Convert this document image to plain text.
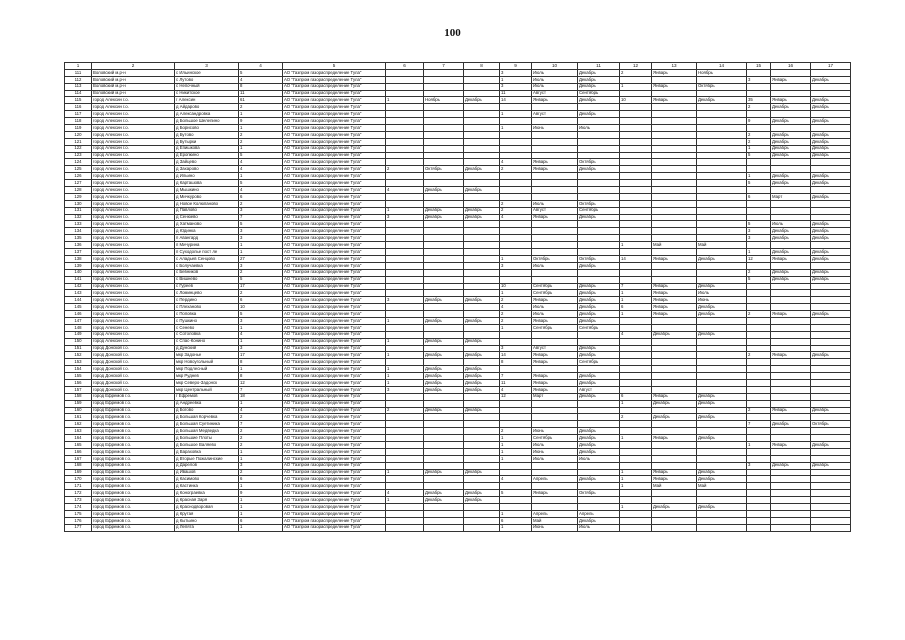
100
1	2	3	4	5	6	7	8	9	10	11	12	13	14	15	16	17
111	Воловский м.р-н	с Ильинское	5	АО "Газпром газораспределение Тула"				3	Июль	Декабрь	2	Январь	Ноябрь			
112	Воловский м.р-н	с Лутово	4	АО "Газпром газораспределение Тула"				1	Июль	Декабрь				3	Январь	Декабрь
113	Воловский м.р-н	с Непочный	8	АО "Газпром газораспределение Тула"				3	Июль	Декабрь	1	Январь	Октябрь			
114	Воловский м.р-н	с Никитское	11	АО "Газпром газораспределение Тула"				11	Август	Сентябрь						
115	город Алексин г.о.	г Алексин	61	АО "Газпром газораспределение Тула"	1	Ноябрь	Декабрь	14	Январь	Декабрь	10	Январь	Декабрь	35	Январь	Декабрь
116	город Алексин г.о.	д Айдарово	2	АО "Газпром газораспределение Тула"										2	Декабрь	Декабрь
117	город Алексин г.о.	д Александровка	1	АО "Газпром газораспределение Тула"				1	Август	Декабрь						
118	город Алексин г.о.	д Большое Шелепино	9	АО "Газпром газораспределение Тула"										9	Декабрь	Декабрь
119	город Алексин г.о.	д Борисово	1	АО "Газпром газораспределение Тула"				1	Июнь	Июль						
120	город Алексин г.о.	д Бутово	2	АО "Газпром газораспределение Тула"										2	Декабрь	Декабрь
121	город Алексин г.о.	д Бутырки	2	АО "Газпром газораспределение Тула"										2	Декабрь	Декабрь
122	город Алексин г.о.	д Епишкова	1	АО "Газпром газораспределение Тула"										1	Декабрь	Декабрь
123	город Алексин г.о.	д Еропкино	5	АО "Газпром газораспределение Тула"										5	Декабрь	Декабрь
124	город Алексин г.о.	д Зайцево	4	АО "Газпром газораспределение Тула"				4	Январь	Октябрь						
125	город Алексин г.о.	д Захарово	4	АО "Газпром газораспределение Тула"	2	Октябрь	Декабрь	2	Январь	Декабрь						
126	город Алексин г.о.	д Ильино	1	АО "Газпром газораспределение Тула"										1	Декабрь	Декабрь
127	город Алексин г.о.	д Карташова	5	АО "Газпром газораспределение Тула"										5	Декабрь	Декабрь
128	город Алексин г.о.	д Мышкино	4	АО "Газпром газораспределение Тула"	4	Декабрь	Декабрь									
129	город Алексин г.о.	д Мичкурово	6	АО "Газпром газораспределение Тула"										6	Март	Декабрь
130	город Алексин г.о.	д Новое Колюпаново	2	АО "Газпром газораспределение Тула"				2	Июль	Октябрь						
131	город Алексин г.о.	д Павлово	3	АО "Газпром газораспределение Тула"	1	Декабрь	Декабрь	2	Август	Сентябрь						
132	город Алексин г.о.	д Сенюево	7	АО "Газпром газораспределение Тула"	3	Декабрь	Декабрь	4	Январь	Декабрь						
133	город Алексин г.о.	д Хатманово	5	АО "Газпром газораспределение Тула"										5	Июль	Декабрь
134	город Алексин г.о.	д Юдинка	3	АО "Газпром газораспределение Тула"										3	Декабрь	Декабрь
135	город Алексин г.о.	п Авангард	3	АО "Газпром газораспределение Тула"										3	Декабрь	Декабрь
136	город Алексин г.о.	п Мичурина	1	АО "Газпром газораспределение Тула"							1	Май	Май			
137	город Алексин г.о.	п Суходолье пост ле	1	АО "Газпром газораспределение Тула"										1	Декабрь	Декабрь
138	город Алексин г.о.	с Аладьев Сенцово	27	АО "Газпром газораспределение Тула"				1	Октябрь	Октябрь	14	Январь	Декабрь	12	Январь	Декабрь
139	город Алексин г.о.	с Болучаевка	3	АО "Газпром газораспределение Тула"				3	Июль	Декабрь						
140	город Алексин г.о.	с Бевников	2	АО "Газпром газораспределение Тула"										2	Декабрь	Декабрь
141	город Алексин г.о.	с Вишнево	5	АО "Газпром газораспределение Тула"										5	Декабрь	Декабрь
142	город Алексин г.о.	с Гуреев	17	АО "Газпром газораспределение Тула"				10	Сентябрь	Декабрь	7	Январь	Декабрь			
143	город Алексин г.о.	с Ломинцево	2	АО "Газпром газораспределение Тула"				1	Сентябрь	Декабрь	1	Январь	Июль			
144	город Алексин г.о.	с Пердино	6	АО "Газпром газораспределение Тула"	3	Декабрь	Декабрь	2	Январь	Декабрь	1	Январь	Июнь			
145	город Алексин г.о.	с Плеханово	10	АО "Газпром газораспределение Тула"				4	Июль	Декабрь	6	Январь	Декабрь			
146	город Алексин г.о.	с Поповка	5	АО "Газпром газораспределение Тула"				2	Июль	Декабрь	1	Январь	Декабрь	2	Январь	Декабрь
147	город Алексин г.о.	с Пушкино	3	АО "Газпром газораспределение Тула"	1	Декабрь	Декабрь	2	Январь	Декабрь						
148	город Алексин г.о.	с Сенево	1	АО "Газпром газораспределение Тула"				1	Сентябрь	Сентябрь						
149	город Алексин г.о.	с Сотоловка	4	АО "Газпром газораспределение Тула"							4	Декабрь	Декабрь			
150	город Алексин г.о.	с Спас-Конино	1	АО "Газпром газораспределение Тула"	1	Декабрь	Декабрь									
151	город Донской г.о.	д Дунский	3	АО "Газпром газораспределение Тула"				3	Август	Декабрь						
152	город Донской г.о.	мкр Задонье	17	АО "Газпром газораспределение Тула"	1	Декабрь	Декабрь	14	Январь	Декабрь				2	Январь	Декабрь
153	город Донской г.о.	мкр Новоугольный	8	АО "Газпром газораспределение Тула"				8	Январь	Сентябрь						
154	город Донской г.о.	мкр Подлесный	1	АО "Газпром газораспределение Тула"	1	Декабрь	Декабрь									
155	город Донской г.о.	мкр Руднев	8	АО "Газпром газораспределение Тула"	1	Декабрь	Декабрь	7	Январь	Декабрь						
156	город Донской г.о.	мкр Северо-Задонск	12	АО "Газпром газораспределение Тула"	1	Декабрь	Декабрь	11	Январь	Декабрь						
157	город Донской г.о.	мкр Центральный	7	АО "Газпром газораспределение Тула"	3	Декабрь	Декабрь	4	Январь	Август						
158	город Ефремов г.о.	г Ефремов	18	АО "Газпром газораспределение Тула"				12	Март	Декабрь	6	Январь	Декабрь			
159	город Ефремов г.о.	д Андреевка	1	АО "Газпром газораспределение Тула"							1	Декабрь	Декабрь			
160	город Ефремов г.о.	д Богово	4	АО "Газпром газораспределение Тула"	2	Декабрь	Декабрь							2	Январь	Декабрь
161	город Ефремов г.о.	д Большая Корчевка	2	АО "Газпром газораспределение Тула"							2	Декабрь	Декабрь			
162	город Ефремов г.о.	д Большая Суетиника	7	АО "Газпром газораспределение Тула"										7	Декабрь	Октябрь
163	город Ефремов г.о.	д Большая Медведка	2	АО "Газпром газораспределение Тула"				2	Июнь	Декабрь						
164	город Ефремов г.о.	д Большие Плоты	2	АО "Газпром газораспределение Тула"				1	Сентябрь	Декабрь	1	Январь	Декабрь			
165	город Ефремов г.о.	д Большое Валяево	2	АО "Газпром газораспределение Тула"				1	Июль	Декабрь				1	Январь	Декабрь
166	город Ефремов г.о.	д Вараховка	1	АО "Газпром газораспределение Тула"				1	Июнь	Декабрь						
167	город Ефремов г.о.	д Вторые Пожалинские	1	АО "Газпром газораспределение Тула"				1	Июль	Июль						
168	город Ефремов г.о.	д Дарелов	3	АО "Газпром газораспределение Тула"										3	Декабрь	Декабрь
169	город Ефремов г.о.	д Ивашов	2	АО "Газпром газораспределение Тула"	1	Декабрь	Декабрь				1	Январь	Декабрь			
170	город Ефремов г.о.	д Касимово	6	АО "Газпром газораспределение Тула"				4	Апрель	Декабрь	1	Январь	Декабрь			
171	город Ефремов г.о.	д Кастинка	1	АО "Газпром газораспределение Тула"							1	Май	Май			
172	город Ефремов г.о.	д Конограевка	9	АО "Газпром газораспределение Тула"	4	Декабрь	Декабрь	5	Январь	Октябрь						
173	город Ефремов г.о.	д Красная Заря	1	АО "Газпром газораспределение Тула"	1	Декабрь	Декабрь									
174	город Ефремов г.о.	д Краснодворовая	1	АО "Газпром газораспределение Тула"							1	Декабрь	Декабрь			
175	город Ефремов г.о.	д Крутая	1	АО "Газпром газораспределение Тула"				1	Апрель	Апрель						
176	город Ефремов г.о.	д Кытьино	6	АО "Газпром газораспределение Тула"				6	Май	Декабрь						
177	город Ефремов г.о.	д Лепята	1	АО "Газпром газораспределение Тула"				1	Июнь	Июль						
